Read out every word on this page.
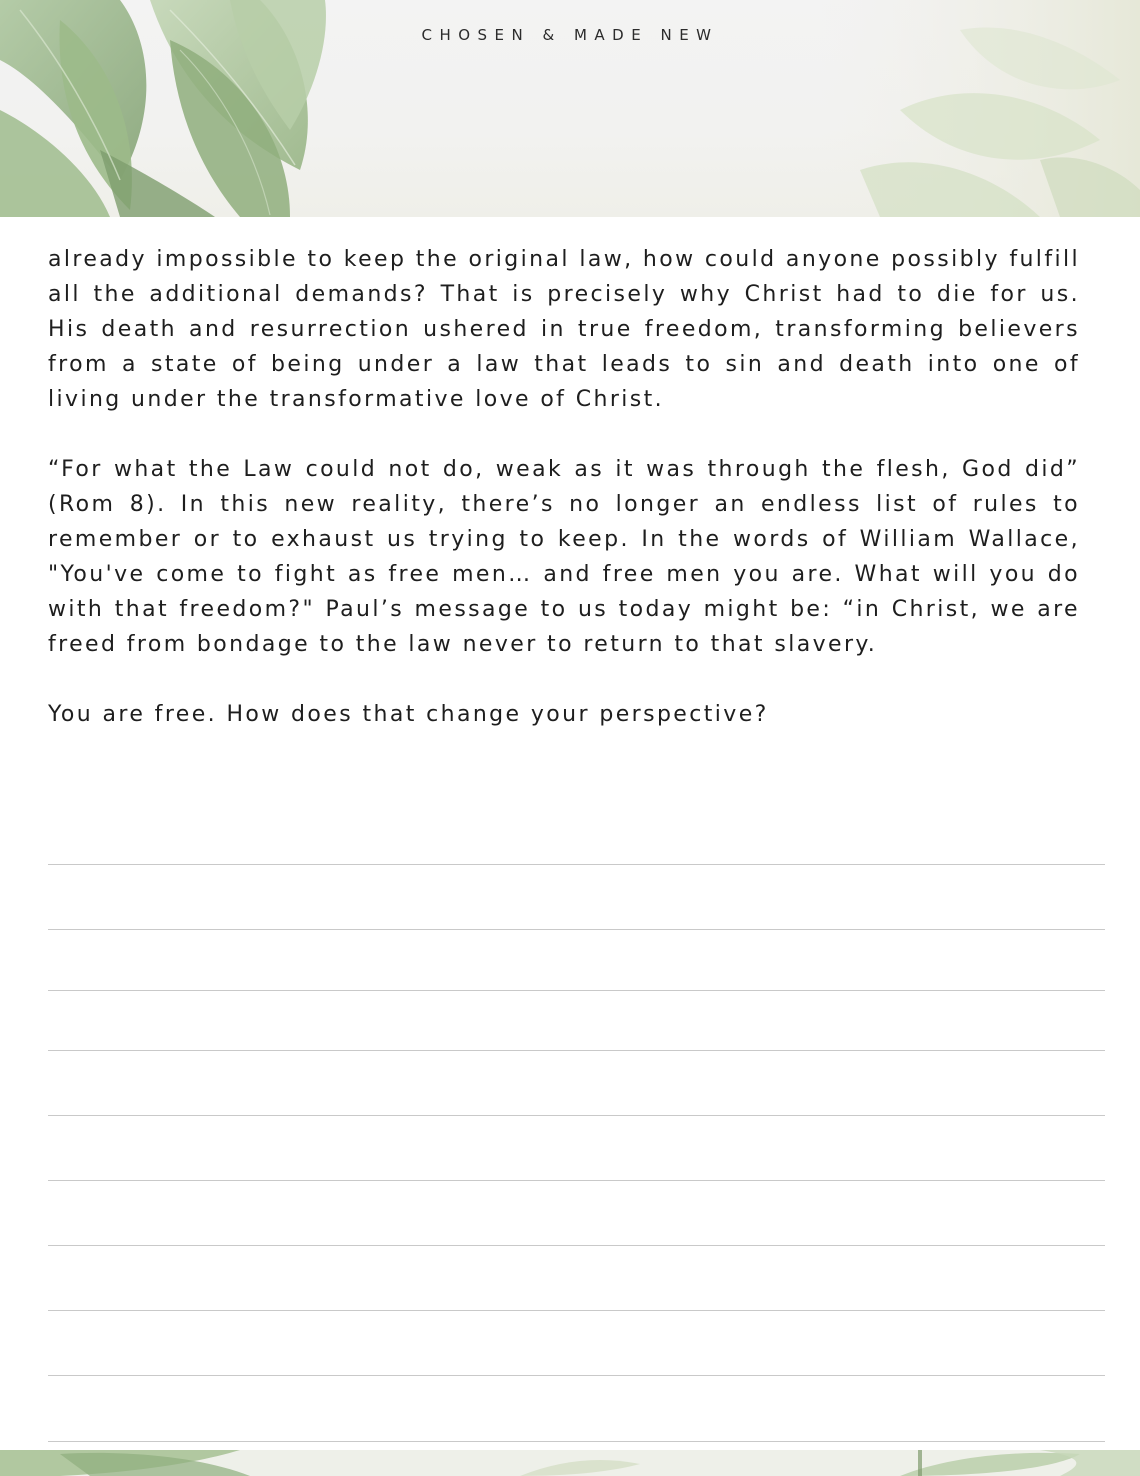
CHOSEN & MADE NEW

already impossible to keep the original law, how could anyone possibly fulfill all the additional demands? That is precisely why Christ had to die for us. His death and resurrection ushered in true freedom, transforming believers from a state of being under a law that leads to sin and death into one of living under the transformative love of Christ.

“For what the Law could not do, weak as it was through the flesh, God did” (Rom 8). In this new reality, there’s no longer an endless list of rules to remember or to exhaust us trying to keep. In the words of William Wallace, "You've come to fight as free men… and free men you are. What will you do with that freedom?" Paul’s message to us today might be: “in Christ, we are freed from bondage to the law never to return to that slavery.

You are free. How does that change your perspective?
